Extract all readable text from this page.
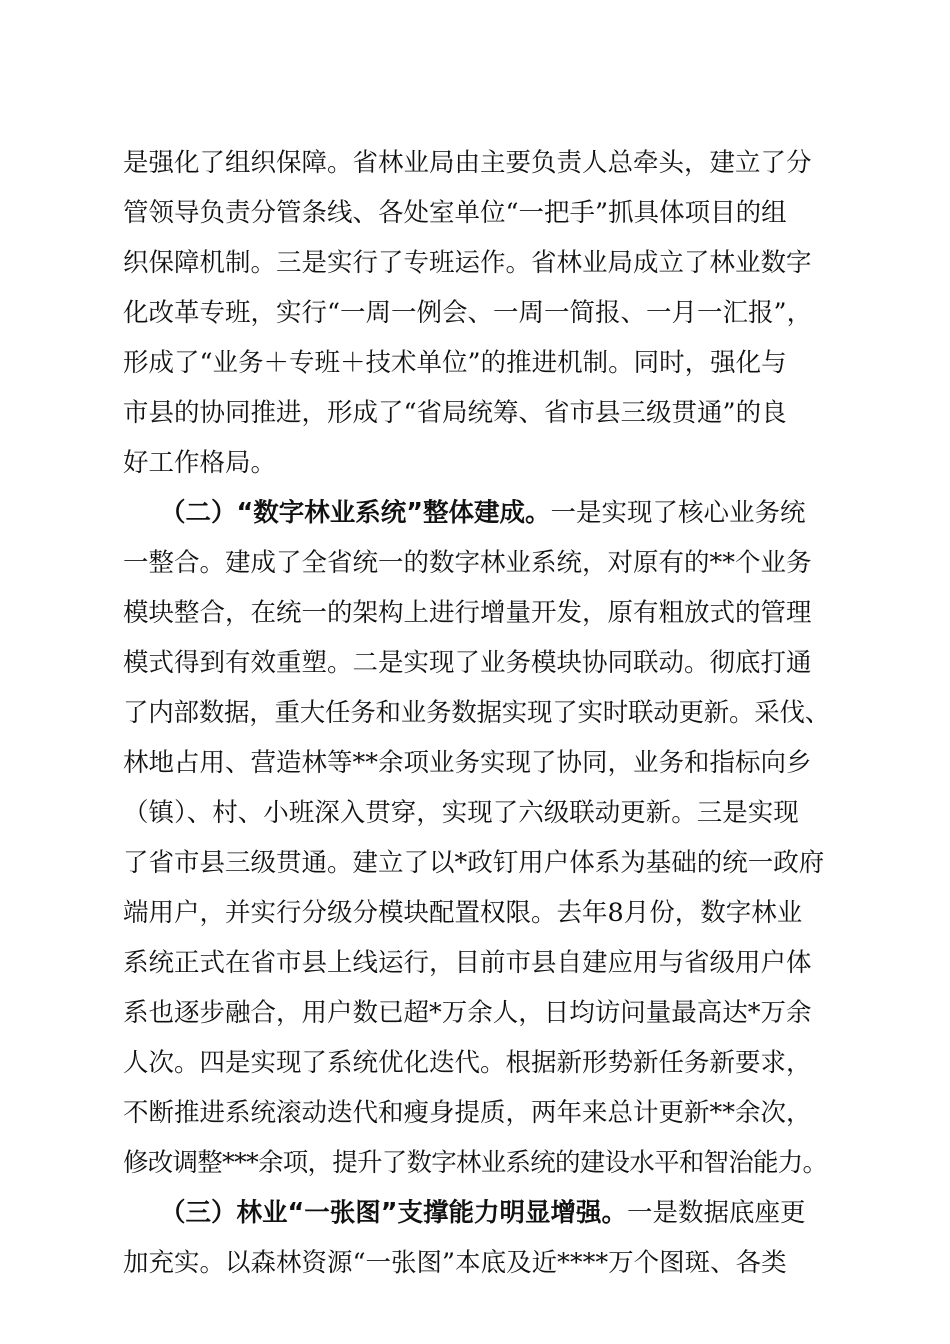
是强化了组织保障。省林业局由主要负责人总牵头，建立了分
管领导负责分管条线、各处室单位“一把手”抓具体项目的组
织保障机制。三是实行了专班运作。省林业局成立了林业数字
化改革专班，实行“一周一例会、一周一简报、一月一汇报”，
形成了“业务＋专班＋技术单位”的推进机制。同时，强化与
市县的协同推进，形成了“省局统筹、省市县三级贯通”的良
好工作格局。
（二）“数字林业系统”整体建成。一是实现了核心业务统
一整合。建成了全省统一的数字林业系统，对原有的**个业务
模块整合，在统一的架构上进行增量开发，原有粗放式的管理
模式得到有效重塑。二是实现了业务模块协同联动。彻底打通
了内部数据，重大任务和业务数据实现了实时联动更新。采伐、
林地占用、营造林等**余项业务实现了协同，业务和指标向乡
（镇）、村、小班深入贯穿，实现了六级联动更新。三是实现
了省市县三级贯通。建立了以*政钉用户体系为基础的统一政府
端用户，并实行分级分模块配置权限。去年8月份，数字林业
系统正式在省市县上线运行，目前市县自建应用与省级用户体
系也逐步融合，用户数已超*万余人，日均访问量最高达*万余
人次。四是实现了系统优化迭代。根据新形势新任务新要求，
不断推进系统滚动迭代和瘦身提质，两年来总计更新**余次，
修改调整***余项，提升了数字林业系统的建设水平和智治能力。
（三）林业“一张图”支撑能力明显增强。一是数据底座更
加充实。以森林资源“一张图”本底及近****万个图斑、各类
